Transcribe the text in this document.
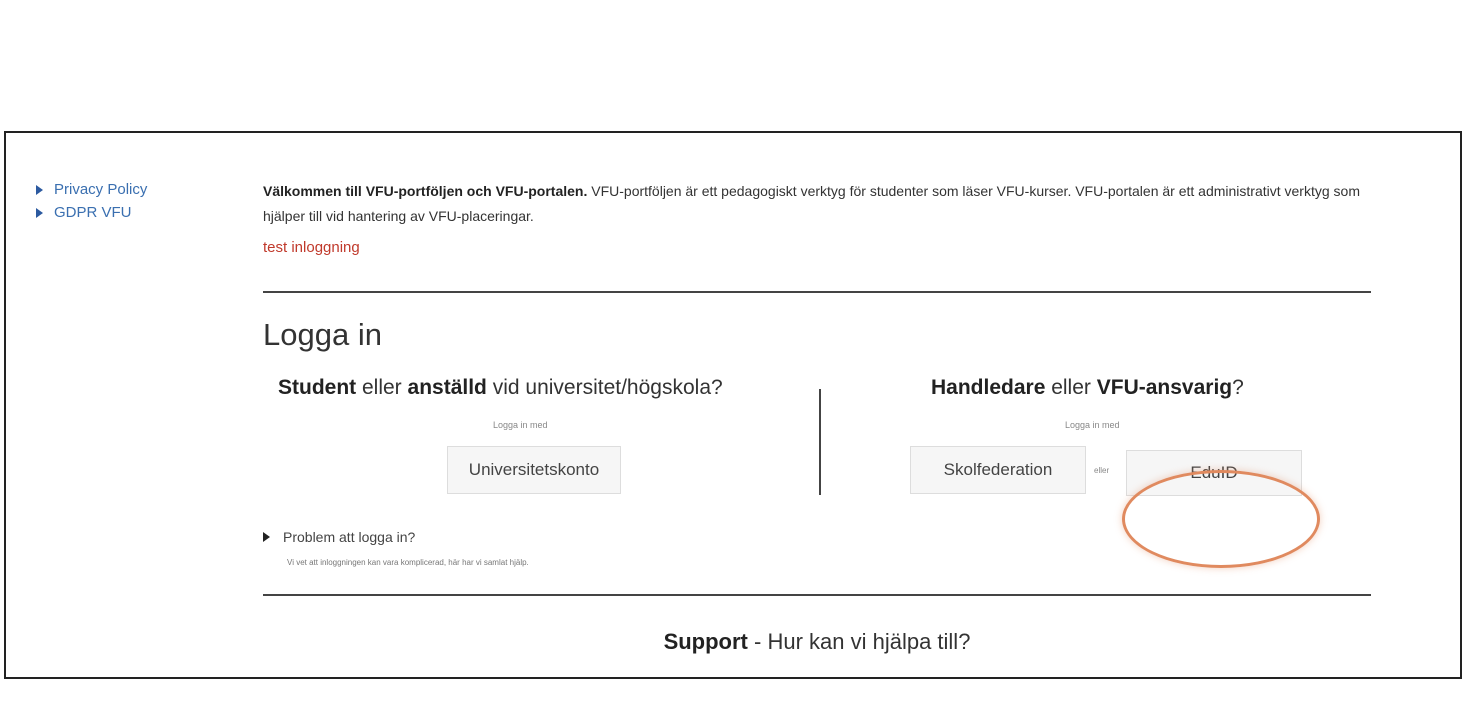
Privacy Policy
GDPR VFU
Välkommen till VFU-portföljen och VFU-portalen. VFU-portföljen är ett pedagogiskt verktyg för studenter som läser VFU-kurser. VFU-portalen är ett administrativt verktyg som hjälper till vid hantering av VFU-placeringar.
test inloggning
Logga in
Student eller anställd vid universitet/högskola?
Logga in med
Universitetskonto
Handledare eller VFU-ansvarig?
Logga in med
Skolfederation	eller	EduID
Problem att logga in?
Vi vet att inloggningen kan vara komplicerad, här har vi samlat hjälp.
Support - Hur kan vi hjälpa till?
